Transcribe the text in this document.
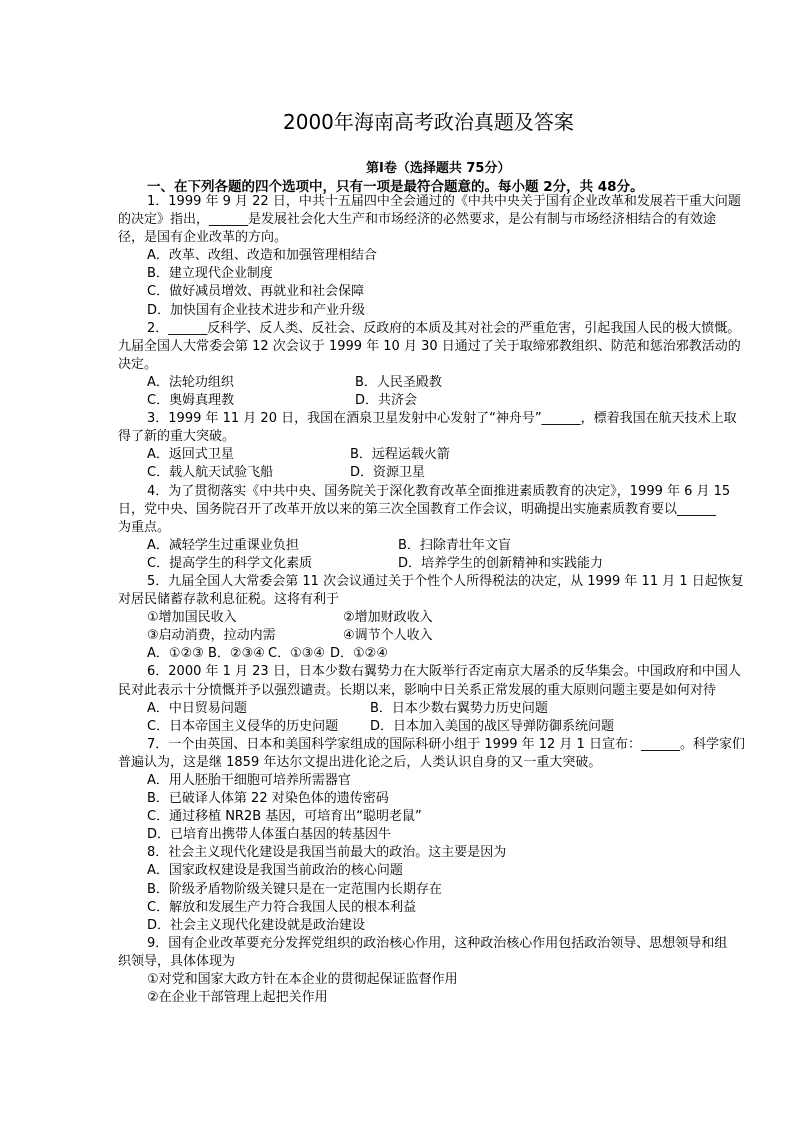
2000年海南高考政治真题及答案
第Ⅰ卷（选择题共 75分）
一、在下列各题的四个选项中，只有一项是最符合题意的。每小题 2分，共 48分。
1．1999 年 9 月 22 日，中共十五届四中全会通过的《中共中央关于国有企业改革和发展若干重大问题
的决定》指出，______是发展社会化大生产和市场经济的必然要求，是公有制与市场经济相结合的有效途
径，是国有企业改革的方向。
A．改革、改组、改造和加强管理相结合
B．建立现代企业制度
C．做好减员增效、再就业和社会保障
D．加快国有企业技术进步和产业升级
2．______反科学、反人类、反社会、反政府的本质及其对社会的严重危害，引起我国人民的极大愤慨。
九届全国人大常委会第 12 次会议于 1999 年 10 月 30 日通过了关于取缔邪教组织、防范和惩治邪教活动的
决定。
A．法轮功组织	B．人民圣殿教
C．奥姆真理教	D．共济会
3．1999 年 11 月 20 日，我国在酒泉卫星发射中心发射了“神舟号”______，標着我国在航天技术上取
得了新的重大突破。
A．返回式卫星	B．远程运载火箭
C．载人航天试验飞船	D．资源卫星
4．为了贯彻落实《中共中央、国务院关于深化教育改革全面推进素质教育的决定》，1999 年 6 月 15
日，党中央、国务院召开了改革开放以来的第三次全国教育工作会议，明确提出实施素质教育要以______
为重点。
A．减轻学生过重课业负担	B．扫除青壮年文盲
C．提高学生的科学文化素质	D．培养学生的创新精神和实践能力
5．九届全国人大常委会第 11 次会议通过关于个性个人所得税法的决定，从 1999 年 11 月 1 日起恢复
对居民储蓄存款利息征税。这将有利于
①增加国民收入	②增加财政收入
③启动消费，拉动内需	④调节个人收入
A．①②③ B．②③④ C．①③④ D．①②④
6．2000 年 1 月 23 日，日本少数右翼势力在大阪举行否定南京大屠杀的反华集会。中国政府和中国人
民对此表示十分愤慨并予以强烈谴责。长期以来，影响中日关系正常发展的重大原则问题主要是如何对待
A．中日贸易问题	B．日本少数右翼势力历史问题
C．日本帝国主义侵华的历史问题 D．日本加入美国的战区导弹防御系统问题
7．一个由英国、日本和美国科学家组成的国际科研小组于 1999 年 12 月 1 日宣布：______。科学家们
普遍认为，这是继 1859 年达尔文提出进化论之后，人类认识自身的又一重大突破。
A．用人胚胎干细胞可培养所需器官
B．已破译人体第 22 对染色体的遗传密码
C．通过移植 NR2B 基因，可培育出“聪明老鼠”
D．已培育出携带人体蛋白基因的转基因牛
8．社会主义现代化建设是我国当前最大的政治。这主要是因为
A．国家政权建设是我国当前政治的核心问题
B．阶级矛盾物阶级关键只是在一定范围内长期存在
C．解放和发展生产力符合我国人民的根本利益
D．社会主义现代化建设就是政治建设
9．国有企业改革要充分发挥党组织的政治核心作用，这种政治核心作用包括政治领导、思想领导和组
织领导，具体体现为
①对党和国家大政方针在本企业的贯彻起保证监督作用
②在企业干部管理上起把关作用
